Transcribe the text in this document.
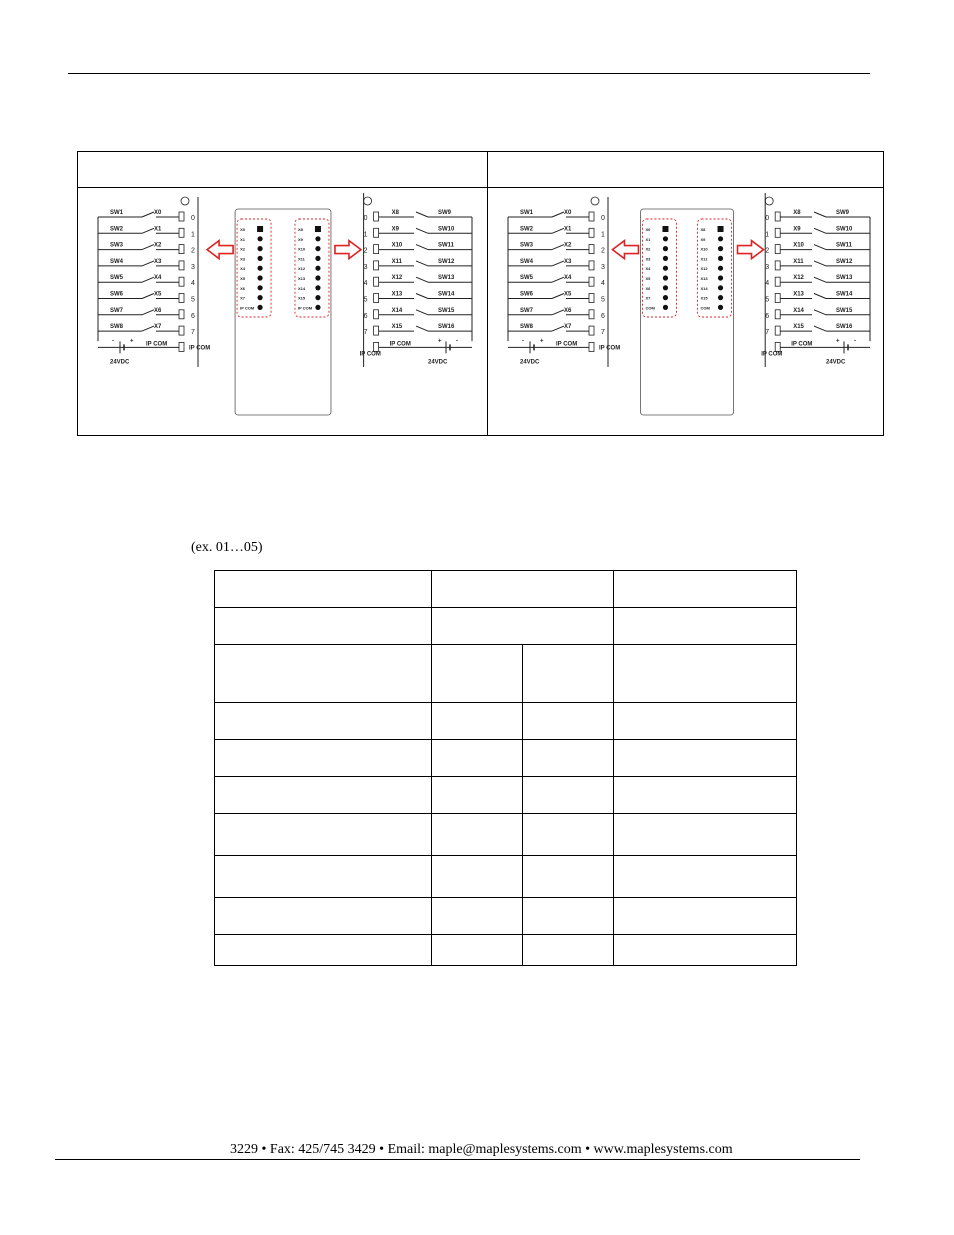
SW1	X0
0
SW2	X1
1
SW3	X2
2
SW4	X3
3
SW5	X4
4
SW6	X5
5
SW7	X6
6
SW8	X7
7
IP COM
IP COM
-	+
24VDC
X0
X1
X2
X3
X4
X5
X6
X7
IP COM
X8
X9
X10
X11
X12
X13
X14
X15
IP COM
0
X8	SW9
1
X9	SW10
2
X10	SW11
3
X11	SW12
4
X12	SW13
5
X13	SW14
6
X14	SW15
7
X15	SW16
IP COM
IP COM	+ -
24VDC
SW1	X0
0
SW2	X1
1
SW3	X2
2
SW4	X3
3
SW5	X4
4
SW6	X5
5
SW7	X6
6
SW8	X7
7
IP COM
IP COM
-	+
24VDC
X0
X1
X2
X3
X4
X5
X6
X7
COM
X8
X9
X10
X11
X12
X13
X14
X15
COM
0
X8	SW9
1
X9	SW10
2
X10	SW11
3
X11	SW12
4
X12	SW13
5
X13	SW14
6
X14	SW15
7
X15	SW16
IP COM
IP COM	+ -
24VDC
(ex. 01…05)
3229 • Fax: 425/745 3429 • Email: maple@maplesystems.com • www.maplesystems.com
